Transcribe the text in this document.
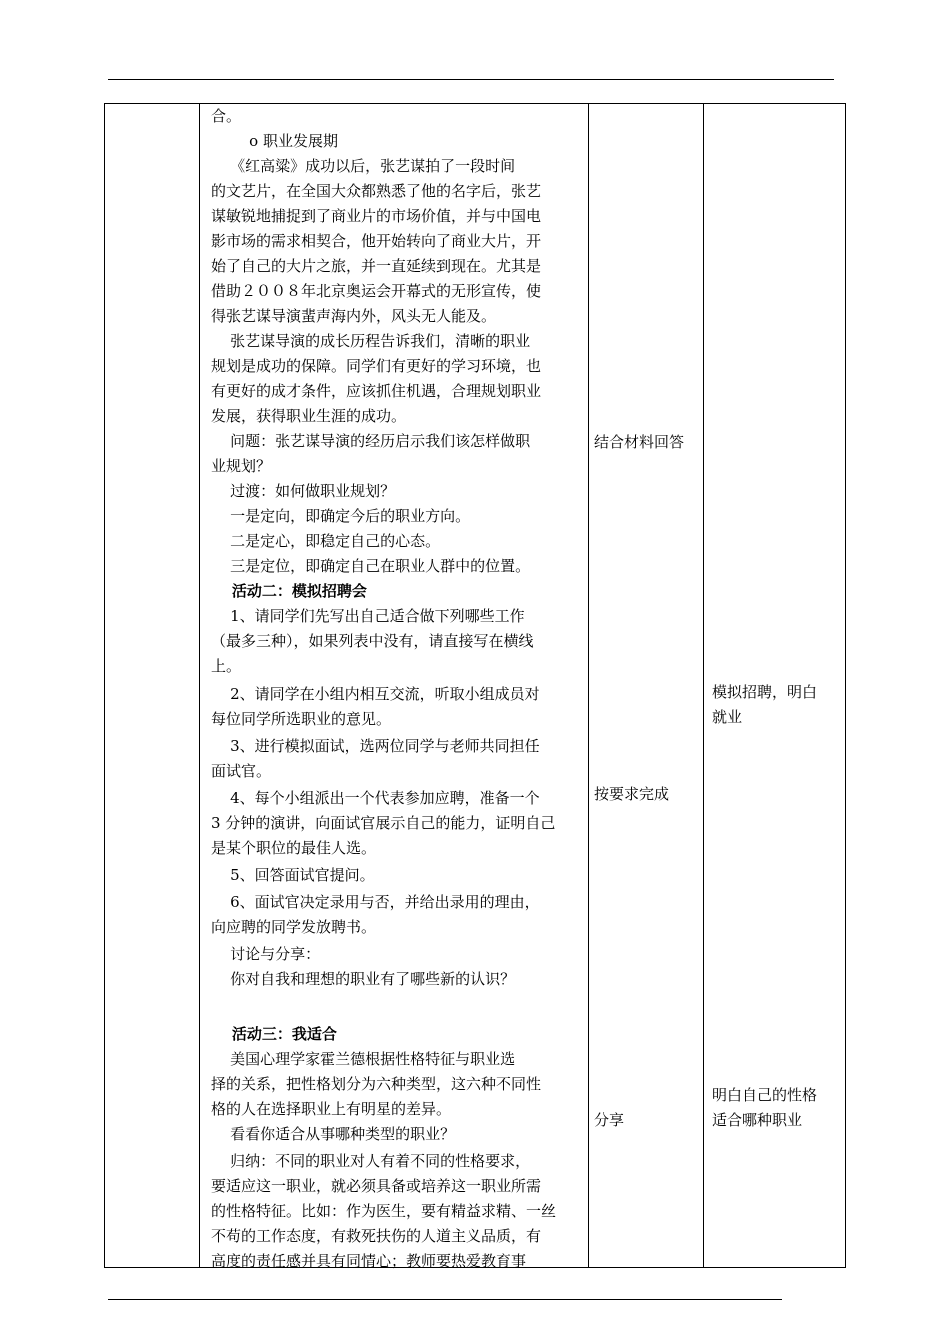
合。
o 职业发展期
《红高粱》成功以后，张艺谋拍了一段时间
的文艺片，在全国大众都熟悉了他的名字后，张艺
谋敏锐地捕捉到了商业片的市场价值，并与中国电
影市场的需求相契合，他开始转向了商业大片，开
始了自己的大片之旅，并一直延续到现在。尤其是
借助２００８年北京奥运会开幕式的无形宣传，使
得张艺谋导演蜚声海内外，风头无人能及。
张艺谋导演的成长历程告诉我们，清晰的职业
规划是成功的保障。同学们有更好的学习环境，也
有更好的成才条件，应该抓住机遇，合理规划职业
发展，获得职业生涯的成功。
问题：张艺谋导演的经历启示我们该怎样做职
业规划？
过渡：如何做职业规划？
一是定向，即确定今后的职业方向。
二是定心，即稳定自己的心态。
三是定位，即确定自己在职业人群中的位置。
活动二：模拟招聘会
1、请同学们先写出自己适合做下列哪些工作
（最多三种），如果列表中没有，请直接写在横线
上。
2、请同学在小组内相互交流，听取小组成员对
每位同学所选职业的意见。
3、进行模拟面试，选两位同学与老师共同担任
面试官。
4、每个小组派出一个代表参加应聘，准备一个
3 分钟的演讲，向面试官展示自己的能力，证明自己
是某个职位的最佳人选。
5、回答面试官提问。
6、面试官决定录用与否，并给出录用的理由，
向应聘的同学发放聘书。
讨论与分享：
你对自我和理想的职业有了哪些新的认识？
活动三：我适合
美国心理学家霍兰德根据性格特征与职业选
择的关系，把性格划分为六种类型，这六种不同性
格的人在选择职业上有明星的差异。
看看你适合从事哪种类型的职业？
归纳：不同的职业对人有着不同的性格要求，
要适应这一职业，就必须具备或培养这一职业所需
的性格特征。比如：作为医生，要有精益求精、一丝
不苟的工作态度，有救死扶伤的人道主义品质，有
高度的责任感并具有同情心；教师要热爱教育事
结合材料回答
按要求完成
分享
模拟招聘，明白
就业
明白自己的性格
适合哪种职业
